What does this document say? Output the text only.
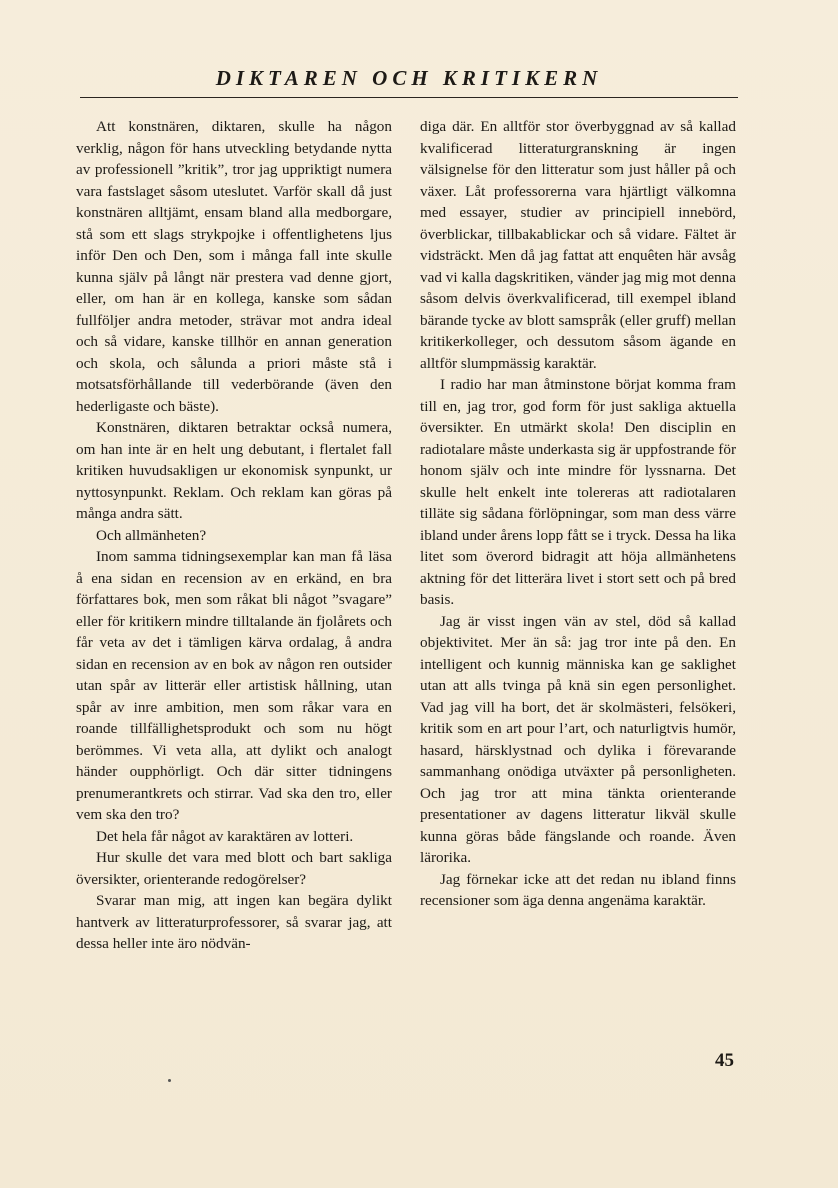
DIKTAREN OCH KRITIKERN

Att konstnären, diktaren, skulle ha någon verklig, någon för hans utveckling betydande nytta av professionell ”kritik”, tror jag uppriktigt numera vara fastslaget såsom uteslutet. Varför skall då just konstnären alltjämt, ensam bland alla medborgare, stå som ett slags strykpojke i offentlighetens ljus inför Den och Den, som i många fall inte skulle kunna själv på långt när prestera vad denne gjort, eller, om han är en kollega, kanske som sådan fullföljer andra metoder, strävar mot andra ideal och så vidare, kanske tillhör en annan generation och skola, och sålunda a priori måste stå i motsatsförhållande till vederbörande (även den hederligaste och bäste).

Konstnären, diktaren betraktar också numera, om han inte är en helt ung debutant, i flertalet fall kritiken huvudsakligen ur ekonomisk synpunkt, ur nyttosynpunkt. Reklam. Och reklam kan göras på många andra sätt.

Och allmänheten?

Inom samma tidningsexemplar kan man få läsa å ena sidan en recension av en erkänd, en bra författares bok, men som råkat bli något ”svagare” eller för kritikern mindre tilltalande än fjolårets och får veta av det i tämligen kärva ordalag, å andra sidan en recension av en bok av någon ren outsider utan spår av litterär eller artistisk hållning, utan spår av inre ambition, men som råkar vara en roande tillfällighetsprodukt och som nu högt berömmes. Vi veta alla, att dylikt och analogt händer oupphörligt. Och där sitter tidningens prenumerantkrets och stirrar. Vad ska den tro, eller vem ska den tro?

Det hela får något av karaktären av lotteri.

Hur skulle det vara med blott och bart sakliga översikter, orienterande redogörelser?

Svarar man mig, att ingen kan begära dylikt hantverk av litteraturprofessorer, så svarar jag, att dessa heller inte äro nödvän-

diga där. En alltför stor överbyggnad av så kallad kvalificerad litteraturgranskning är ingen välsignelse för den litteratur som just håller på och växer. Låt professorerna vara hjärtligt välkomna med essayer, studier av principiell innebörd, överblickar, tillbakablickar och så vidare. Fältet är vidsträckt. Men då jag fattat att enquêten här avsåg vad vi kalla dagskritiken, vänder jag mig mot denna såsom delvis överkvalificerad, till exempel ibland bärande tycke av blott samspråk (eller gruff) mellan kritikerkolleger, och dessutom såsom ägande en alltför slumpmässig karaktär.

I radio har man åtminstone börjat komma fram till en, jag tror, god form för just sakliga aktuella översikter. En utmärkt skola! Den disciplin en radiotalare måste underkasta sig är uppfostrande för honom själv och inte mindre för lyssnarna. Det skulle helt enkelt inte tolereras att radiotalaren tilläte sig sådana förlöpningar, som man dess värre ibland under årens lopp fått se i tryck. Dessa ha lika litet som överord bidragit att höja allmänhetens aktning för det litterära livet i stort sett och på bred basis.

Jag är visst ingen vän av stel, död så kallad objektivitet. Mer än så: jag tror inte på den. En intelligent och kunnig människa kan ge saklighet utan att alls tvinga på knä sin egen personlighet. Vad jag vill ha bort, det är skolmästeri, felsökeri, kritik som en art pour l’art, och naturligtvis humör, hasard, härsklystnad och dylika i förevarande sammanhang onödiga utväxter på personligheten. Och jag tror att mina tänkta orienterande presentationer av dagens litteratur likväl skulle kunna göras både fängslande och roande. Även lärorika.

Jag förnekar icke att det redan nu ibland finns recensioner som äga denna angenäma karaktär.

45
